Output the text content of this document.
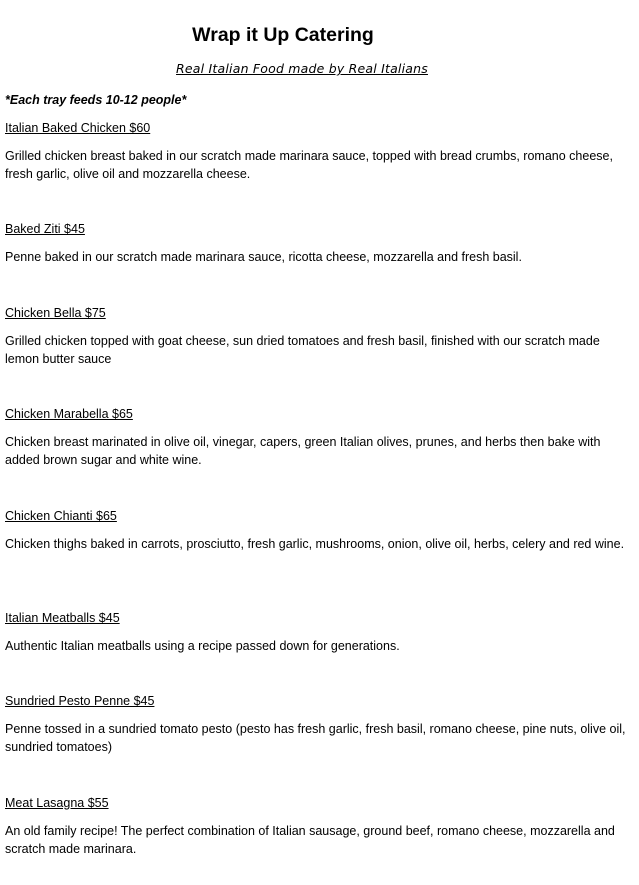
Wrap it Up Catering

Real Italian Food made by Real Italians

*Each tray feeds 10-12 people*

Italian Baked Chicken $60

Grilled chicken breast baked in our scratch made marinara sauce, topped with bread crumbs, romano cheese, fresh garlic, olive oil and mozzarella cheese.

Baked Ziti $45

Penne baked in our scratch made marinara sauce, ricotta cheese, mozzarella and fresh basil.

Chicken Bella $75

Grilled chicken topped with goat cheese, sun dried tomatoes and fresh basil, finished with our scratch made lemon butter sauce

Chicken Marabella $65

Chicken breast marinated in olive oil, vinegar, capers, green Italian olives, prunes, and herbs then bake with added brown sugar and white wine.

Chicken Chianti $65

Chicken thighs baked in carrots, prosciutto, fresh garlic, mushrooms, onion, olive oil, herbs, celery and red wine.

Italian Meatballs $45

Authentic Italian meatballs using a recipe passed down for generations.

Sundried Pesto Penne $45

Penne tossed in a sundried tomato pesto (pesto has fresh garlic, fresh basil, romano cheese, pine nuts, olive oil, sundried tomatoes)

Meat Lasagna $55

An old family recipe! The perfect combination of Italian sausage, ground beef, romano cheese, mozzarella and scratch made marinara.
